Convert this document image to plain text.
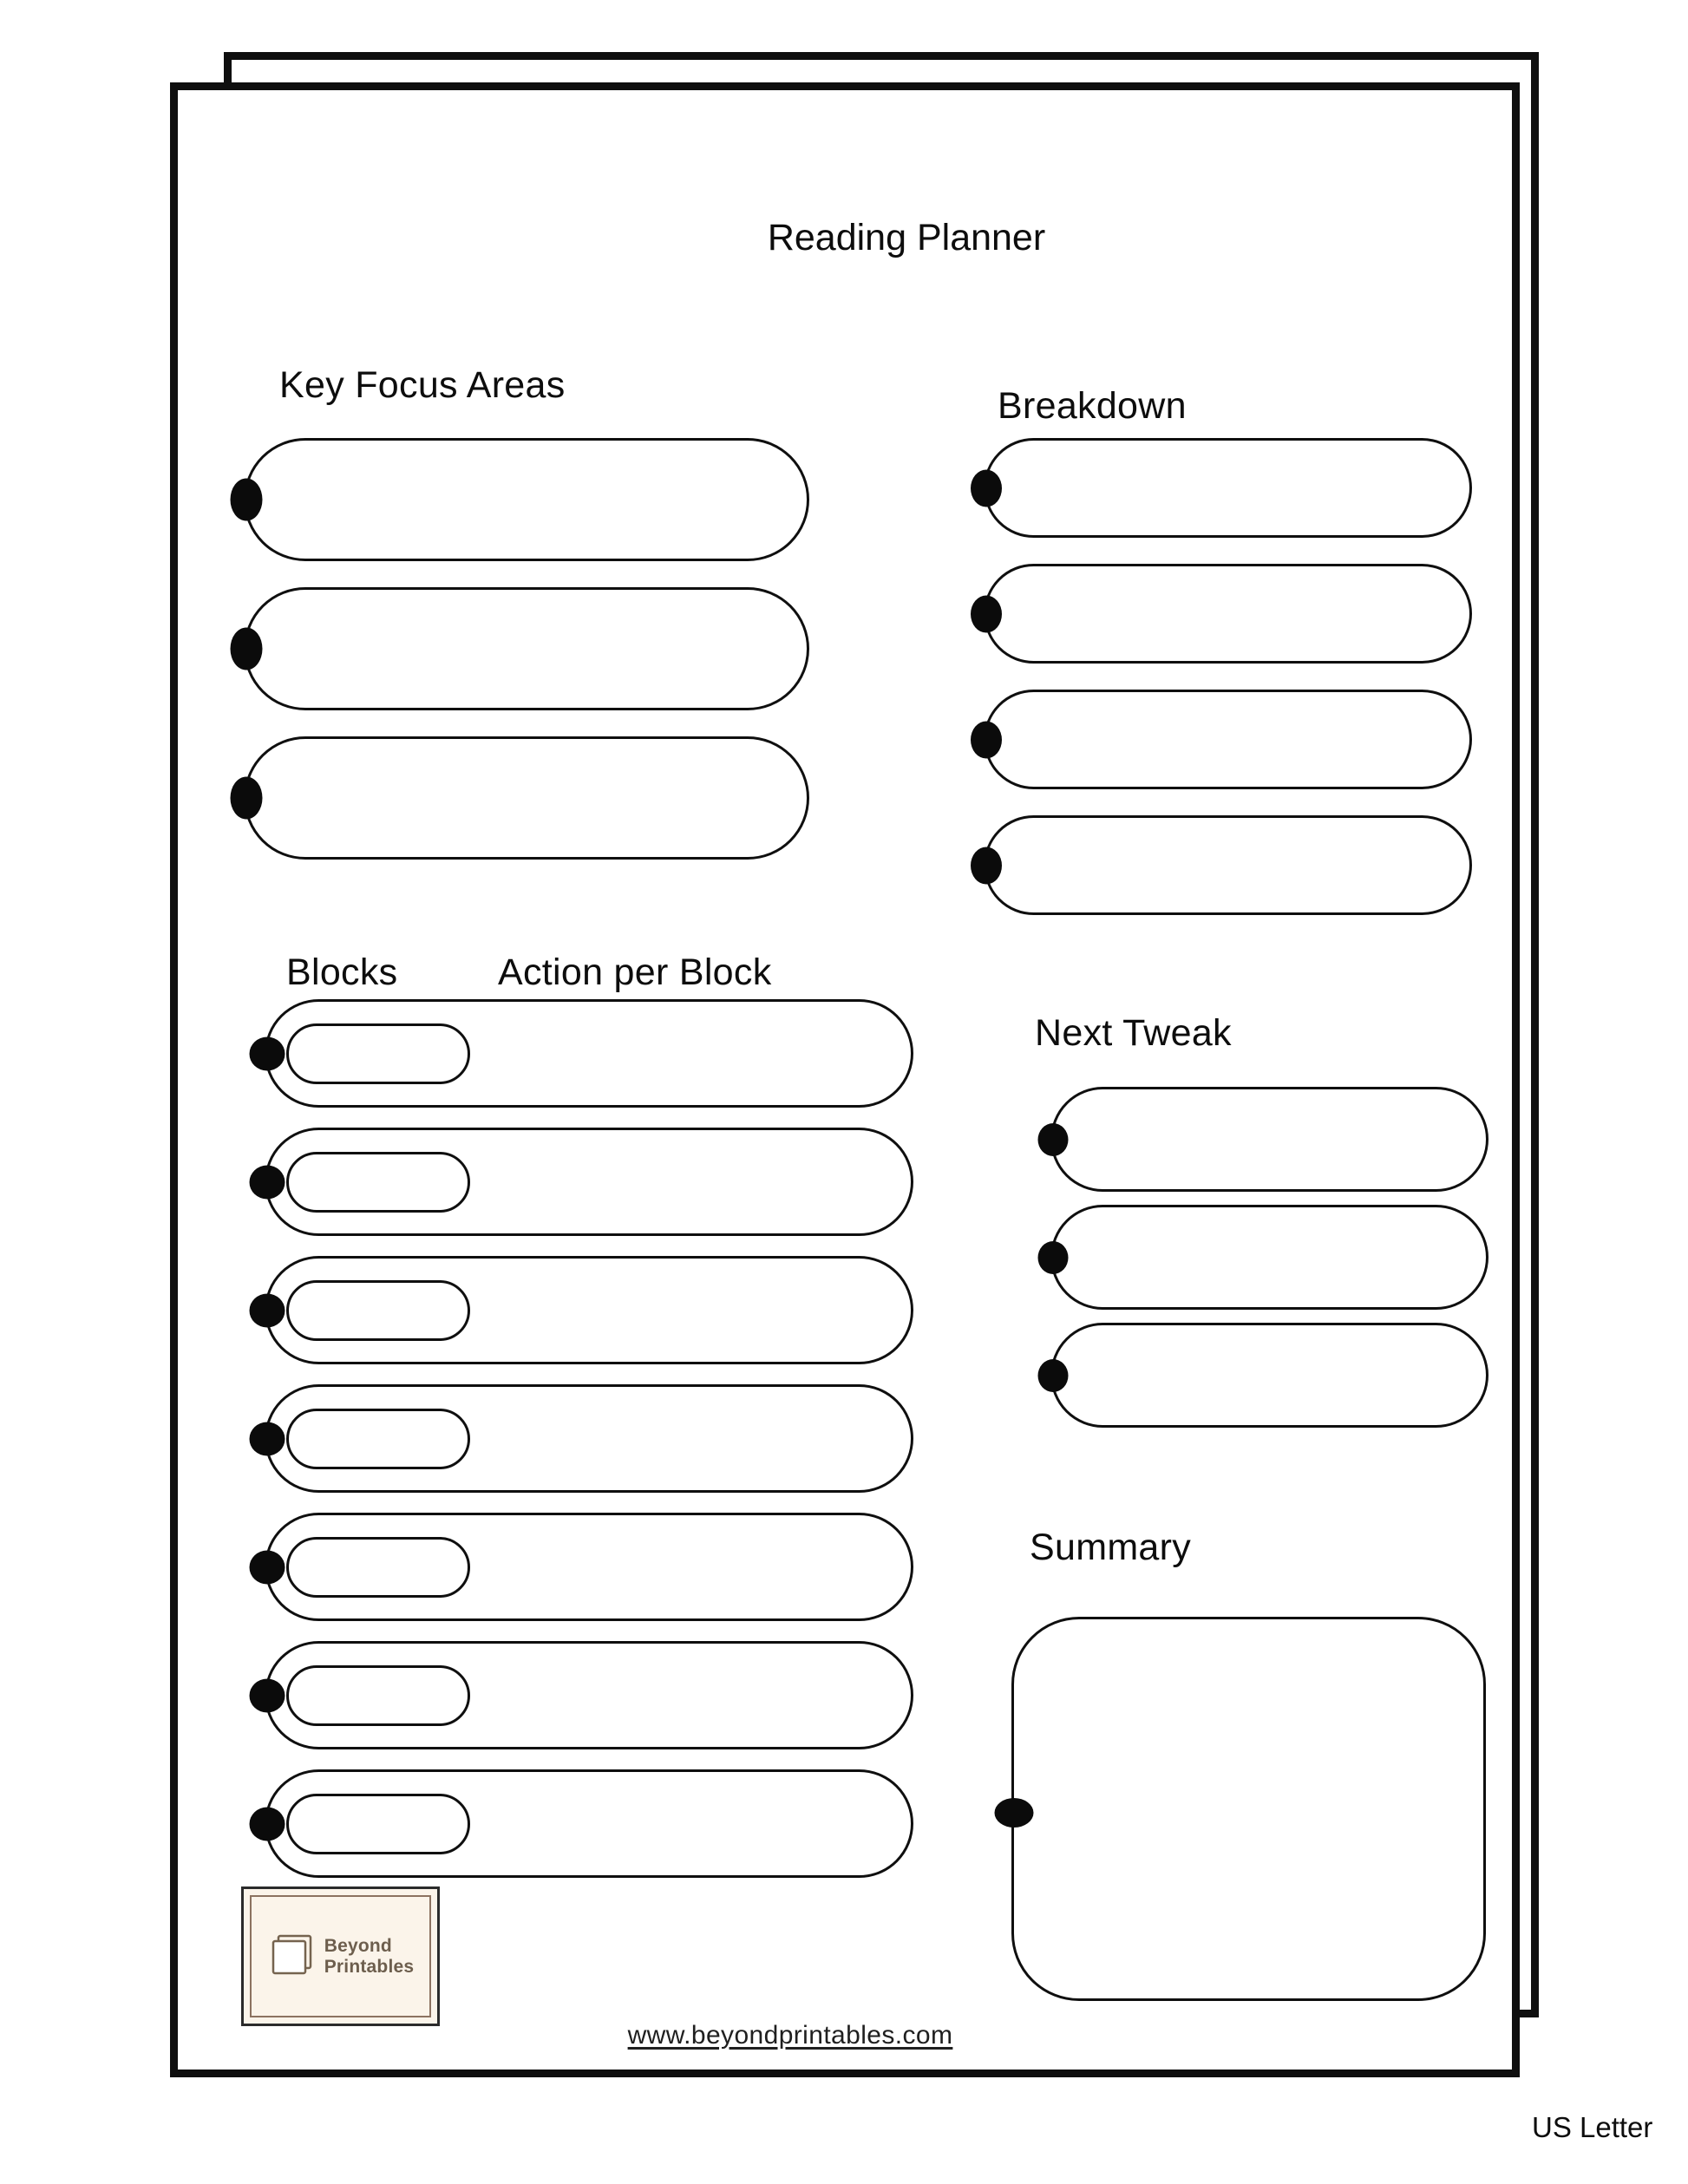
Reading Planner
Key Focus Areas	Breakdown
Blocks	Action per Block
Next Tweak
Summary
Beyond
Printables
www.beyondprintables.com
US Letter
